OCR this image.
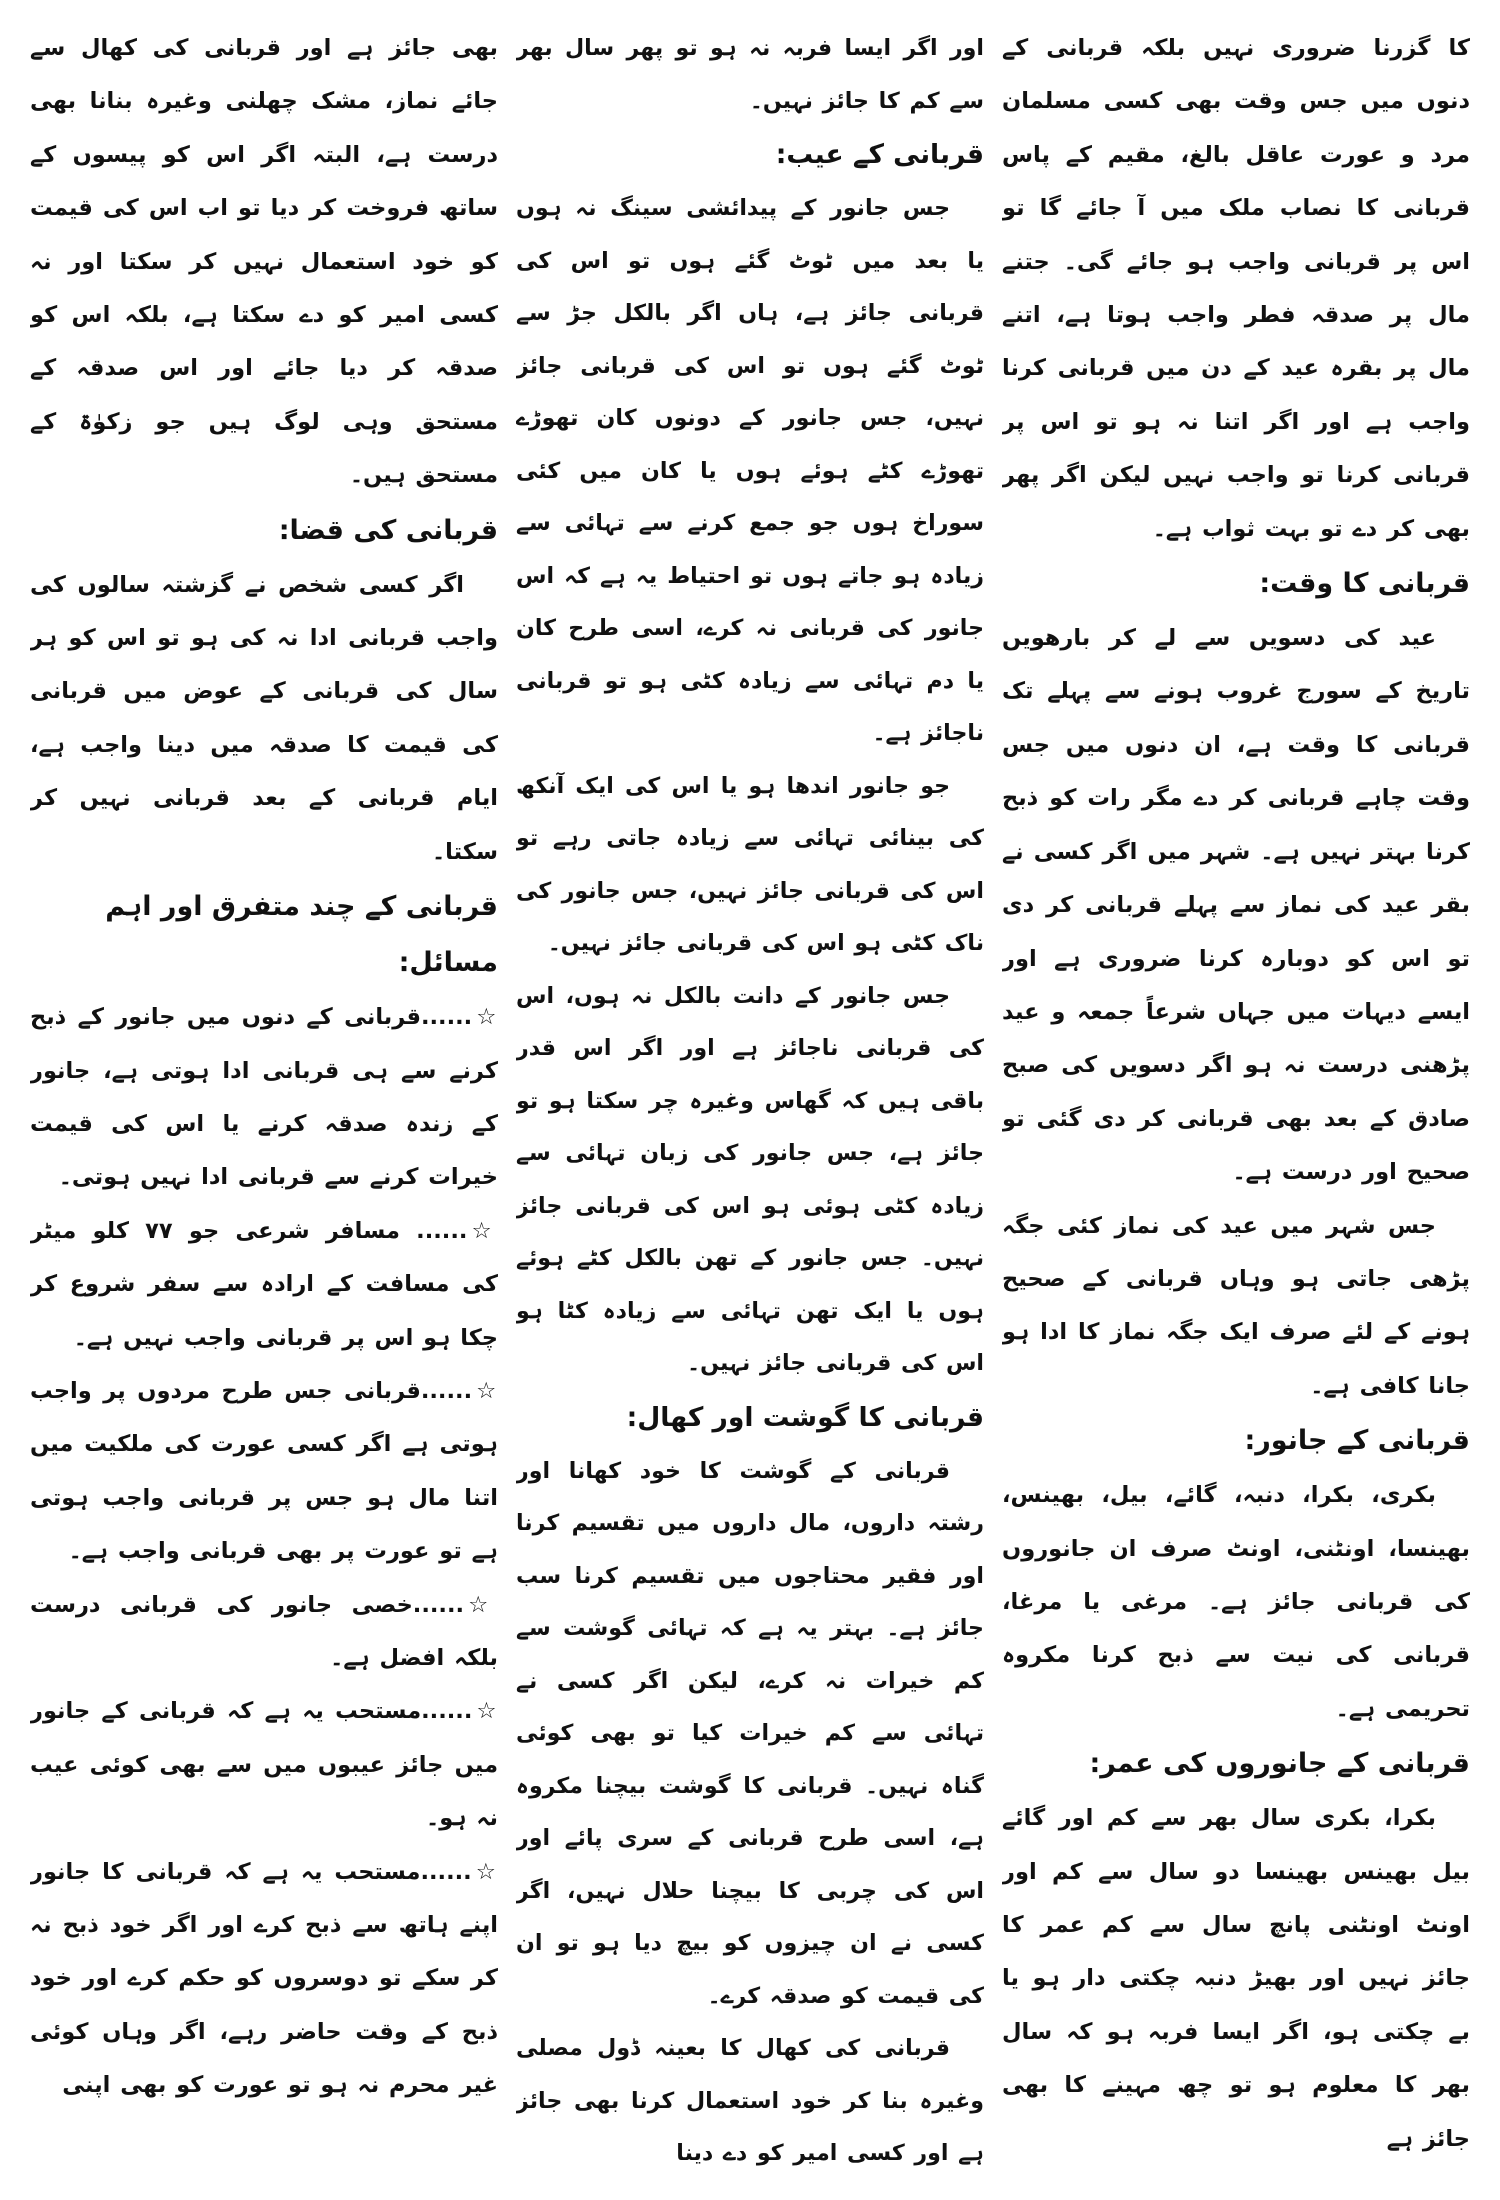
کا گزرنا ضروری نہیں بلکہ قربانی کے دنوں میں جس وقت بھی کسی مسلمان مرد و عورت عاقل بالغ، مقیم کے پاس قربانی کا نصاب ملک میں آ جائے گا تو اس پر قربانی واجب ہو جائے گی۔ جتنے مال پر صدقہ فطر واجب ہوتا ہے، اتنے مال پر بقرہ عید کے دن میں قربانی کرنا واجب ہے اور اگر اتنا نہ ہو تو اس پر قربانی کرنا تو واجب نہیں لیکن اگر پھر بھی کر دے تو بہت ثواب ہے۔

قربانی کا وقت:

عید کی دسویں سے لے کر بارھویں تاریخ کے سورج غروب ہونے سے پہلے تک قربانی کا وقت ہے، ان دنوں میں جس وقت چاہے قربانی کر دے مگر رات کو ذبح کرنا بہتر نہیں ہے۔ شہر میں اگر کسی نے بقر عید کی نماز سے پہلے قربانی کر دی تو اس کو دوبارہ کرنا ضروری ہے اور ایسے دیہات میں جہاں شرعاً جمعہ و عید پڑھنی درست نہ ہو اگر دسویں کی صبح صادق کے بعد بھی قربانی کر دی گئی تو صحیح اور درست ہے۔

جس شہر میں عید کی نماز کئی جگہ پڑھی جاتی ہو وہاں قربانی کے صحیح ہونے کے لئے صرف ایک جگہ نماز کا ادا ہو جانا کافی ہے۔

قربانی کے جانور:

بکری، بکرا، دنبہ، گائے، بیل، بھینس، بھینسا، اونٹنی، اونٹ صرف ان جانوروں کی قربانی جائز ہے۔ مرغی یا مرغا، قربانی کی نیت سے ذبح کرنا مکروہ تحریمی ہے۔

قربانی کے جانوروں کی عمر:

بکرا، بکری سال بھر سے کم اور گائے بیل بھینس بھینسا دو سال سے کم اور اونٹ اونٹنی پانچ سال سے کم عمر کا جائز نہیں اور بھیڑ دنبہ چکتی دار ہو یا بے چکتی ہو، اگر ایسا فربہ ہو کہ سال بھر کا معلوم ہو تو چھ مہینے کا بھی جائز ہے

اور اگر ایسا فربہ نہ ہو تو پھر سال بھر سے کم کا جائز نہیں۔

قربانی کے عیب:

جس جانور کے پیدائشی سینگ نہ ہوں یا بعد میں ٹوٹ گئے ہوں تو اس کی قربانی جائز ہے، ہاں اگر بالکل جڑ سے ٹوٹ گئے ہوں تو اس کی قربانی جائز نہیں، جس جانور کے دونوں کان تھوڑے تھوڑے کٹے ہوئے ہوں یا کان میں کئی سوراخ ہوں جو جمع کرنے سے تہائی سے زیادہ ہو جاتے ہوں تو احتیاط یہ ہے کہ اس جانور کی قربانی نہ کرے، اسی طرح کان یا دم تہائی سے زیادہ کٹی ہو تو قربانی ناجائز ہے۔

جو جانور اندھا ہو یا اس کی ایک آنکھ کی بینائی تہائی سے زیادہ جاتی رہے تو اس کی قربانی جائز نہیں، جس جانور کی ناک کٹی ہو اس کی قربانی جائز نہیں۔

جس جانور کے دانت بالکل نہ ہوں، اس کی قربانی ناجائز ہے اور اگر اس قدر باقی ہیں کہ گھاس وغیرہ چر سکتا ہو تو جائز ہے، جس جانور کی زبان تہائی سے زیادہ کٹی ہوئی ہو اس کی قربانی جائز نہیں۔ جس جانور کے تھن بالکل کٹے ہوئے ہوں یا ایک تھن تہائی سے زیادہ کٹا ہو اس کی قربانی جائز نہیں۔

قربانی کا گوشت اور کھال:

قربانی کے گوشت کا خود کھانا اور رشتہ داروں، مال داروں میں تقسیم کرنا اور فقیر محتاجوں میں تقسیم کرنا سب جائز ہے۔ بہتر یہ ہے کہ تہائی گوشت سے کم خیرات نہ کرے، لیکن اگر کسی نے تہائی سے کم خیرات کیا تو بھی کوئی گناہ نہیں۔ قربانی کا گوشت بیچنا مکروہ ہے، اسی طرح قربانی کے سری پائے اور اس کی چربی کا بیچنا حلال نہیں، اگر کسی نے ان چیزوں کو بیچ دیا ہو تو ان کی قیمت کو صدقہ کرے۔

قربانی کی کھال کا بعینہ ڈول مصلی وغیرہ بنا کر خود استعمال کرنا بھی جائز ہے اور کسی امیر کو دے دینا

بھی جائز ہے اور قربانی کی کھال سے جائے نماز، مشک چھلنی وغیرہ بنانا بھی درست ہے، البتہ اگر اس کو پیسوں کے ساتھ فروخت کر دیا تو اب اس کی قیمت کو خود استعمال نہیں کر سکتا اور نہ کسی امیر کو دے سکتا ہے، بلکہ اس کو صدقہ کر دیا جائے اور اس صدقہ کے مستحق وہی لوگ ہیں جو زکوٰۃ کے مستحق ہیں۔

قربانی کی قضا:

اگر کسی شخص نے گزشتہ سالوں کی واجب قربانی ادا نہ کی ہو تو اس کو ہر سال کی قربانی کے عوض میں قربانی کی قیمت کا صدقہ میں دینا واجب ہے، ایام قربانی کے بعد قربانی نہیں کر سکتا۔

قربانی کے چند متفرق اور اہم مسائل:

☆......قربانی کے دنوں میں جانور کے ذبح کرنے سے ہی قربانی ادا ہوتی ہے، جانور کے زندہ صدقہ کرنے یا اس کی قیمت خیرات کرنے سے قربانی ادا نہیں ہوتی۔

☆...... مسافر شرعی جو ۷۷ کلو میٹر کی مسافت کے ارادہ سے سفر شروع کر چکا ہو اس پر قربانی واجب نہیں ہے۔

☆......قربانی جس طرح مردوں پر واجب ہوتی ہے اگر کسی عورت کی ملکیت میں اتنا مال ہو جس پر قربانی واجب ہوتی ہے تو عورت پر بھی قربانی واجب ہے۔

☆......خصی جانور کی قربانی درست بلکہ افضل ہے۔

☆......مستحب یہ ہے کہ قربانی کے جانور میں جائز عیبوں میں سے بھی کوئی عیب نہ ہو۔

☆......مستحب یہ ہے کہ قربانی کا جانور اپنے ہاتھ سے ذبح کرے اور اگر خود ذبح نہ کر سکے تو دوسروں کو حکم کرے اور خود ذبح کے وقت حاضر رہے، اگر وہاں کوئی غیر محرم نہ ہو تو عورت کو بھی اپنی
